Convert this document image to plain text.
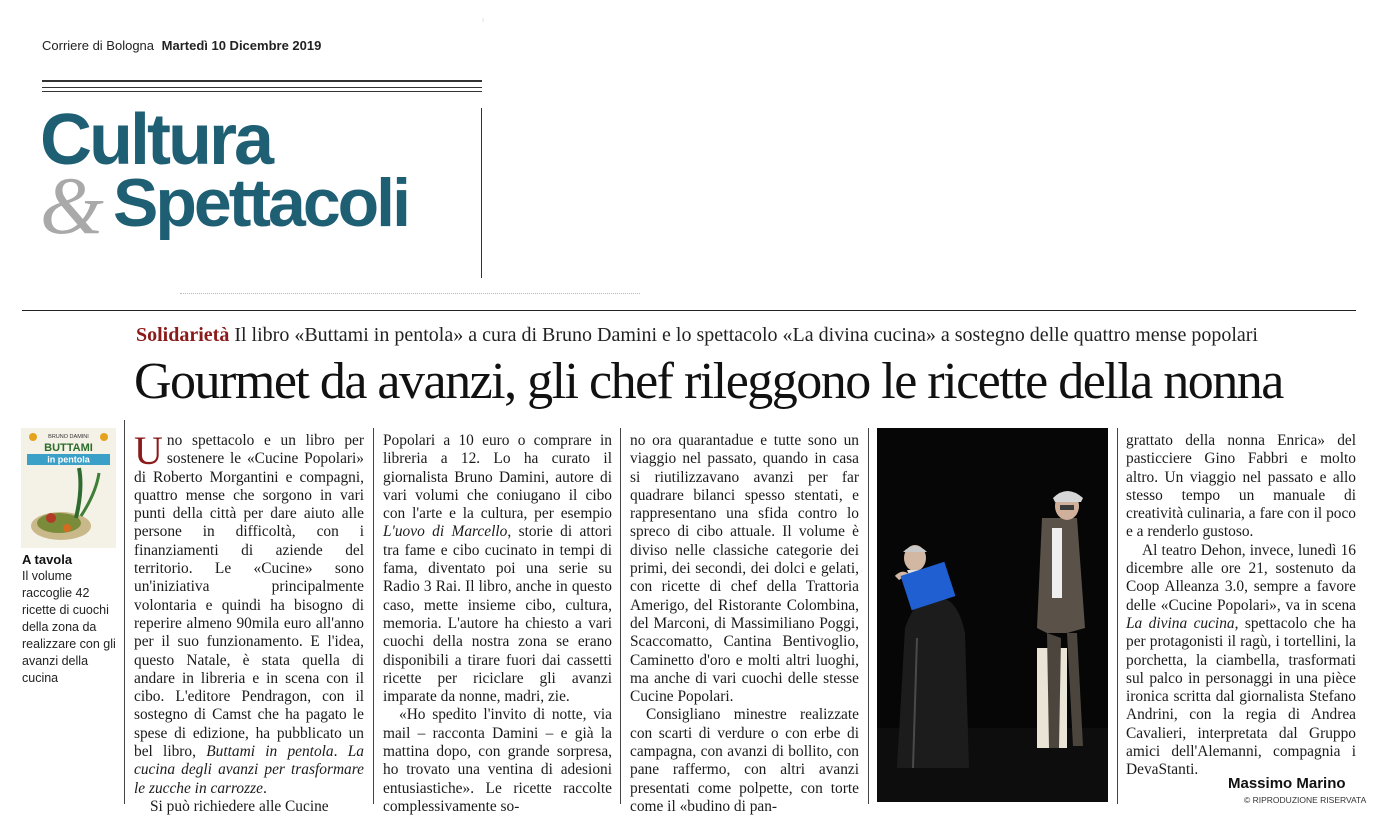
Corriere di Bologna Martedì 10 Dicembre 2019
Cultura
& Spettacoli
Solidarietà Il libro «Buttami in pentola» a cura di Bruno Damini e lo spettacolo «La divina cucina» a sostegno delle quattro mense popolari
Gourmet da avanzi, gli chef rileggono le ricette della nonna
BRUNO DAMINI
BUTTAMI
in pentola
A tavola
Il volume raccoglie 42 ricette di cuochi della zona da realizzare con gli avanzi della cucina

Uno spettacolo e un libro per sostenere le «Cucine Popolari» di Roberto Morgantini e compagni, quattro mense che sorgono in vari punti della città per dare aiuto alle persone in difficoltà, con i finanziamenti di aziende del territorio. Le «Cucine» sono un'iniziativa principalmente volontaria e quindi ha bisogno di reperire almeno 90mila euro all'anno per il suo funzionamento. E l'idea, questo Natale, è stata quella di andare in libreria e in scena con il cibo. L'editore Pendragon, con il sostegno di Camst che ha pagato le spese di edizione, ha pubblicato un bel libro, Buttami in pentola. La cucina degli avanzi per trasformare le zucche in carrozze.

Si può richiedere alle Cucine

Popolari a 10 euro o comprare in libreria a 12. Lo ha curato il giornalista Bruno Damini, autore di vari volumi che coniugano il cibo con l'arte e la cultura, per esempio L'uovo di Marcello, storie di attori tra fame e cibo cucinato in tempi di fama, diventato poi una serie su Radio 3 Rai. Il libro, anche in questo caso, mette insieme cibo, cultura, memoria. L'autore ha chiesto a vari cuochi della nostra zona se erano disponibili a tirare fuori dai cassetti ricette per riciclare gli avanzi imparate da nonne, madri, zie.

«Ho spedito l'invito di notte, via mail – racconta Damini – e già la mattina dopo, con grande sorpresa, ho trovato una ventina di adesioni entusiastiche». Le ricette raccolte complessivamente so-

no ora quarantadue e tutte sono un viaggio nel passato, quando in casa si riutilizzavano avanzi per far quadrare bilanci spesso stentati, e rappresentano una sfida contro lo spreco di cibo attuale. Il volume è diviso nelle classiche categorie dei primi, dei secondi, dei dolci e gelati, con ricette di chef della Trattoria Amerigo, del Ristorante Colombina, del Marconi, di Massimiliano Poggi, Scaccomatto, Cantina Bentivoglio, Caminetto d'oro e molti altri luoghi, ma anche di vari cuochi delle stesse Cucine Popolari.

Consigliano minestre realizzate con scarti di verdure o con erbe di campagna, con avanzi di bollito, con pane raffermo, con altri avanzi presentati come polpette, con torte come il «budino di pan-

grattato della nonna Enrica» del pasticciere Gino Fabbri e molto altro. Un viaggio nel passato e allo stesso tempo un manuale di creatività culinaria, a fare con il poco e a renderlo gustoso.

Al teatro Dehon, invece, lunedì 16 dicembre alle ore 21, sostenuto da Coop Alleanza 3.0, sempre a favore delle «Cucine Popolari», va in scena La divina cucina, spettacolo che ha per protagonisti il ragù, i tortellini, la porchetta, la ciambella, trasformati sul palco in personaggi in una pièce ironica scritta dal giornalista Stefano Andrini, con la regia di Andrea Cavalieri, interpretata dal Gruppo amici dell'Alemanni, compagnia i DevaStanti.

Massimo Marino
© RIPRODUZIONE RISERVATA
